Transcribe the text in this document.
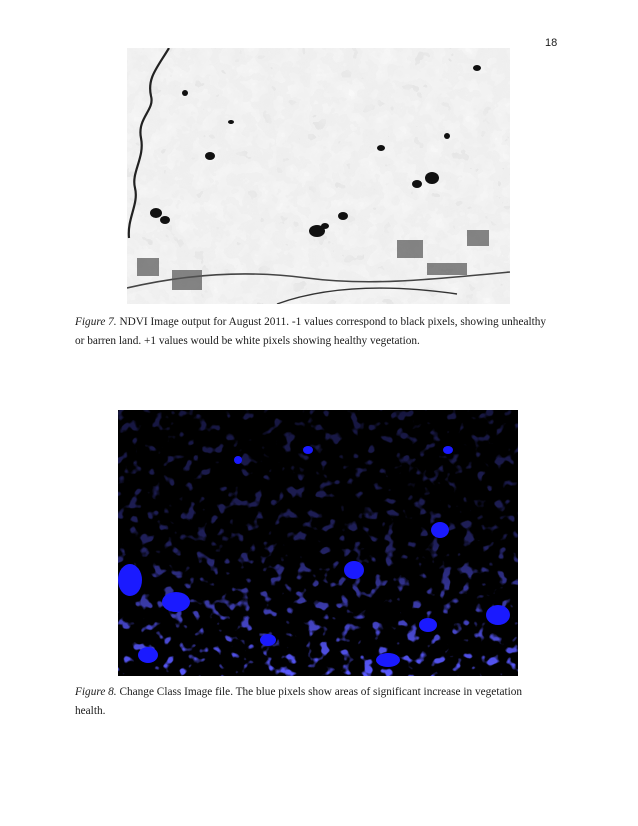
18

Figure 7. NDVI Image output for August 2011. -1 values correspond to black pixels, showing unhealthy or barren land. +1 values would be white pixels showing healthy vegetation.

Figure 8. Change Class Image file. The blue pixels show areas of significant increase in vegetation health.
